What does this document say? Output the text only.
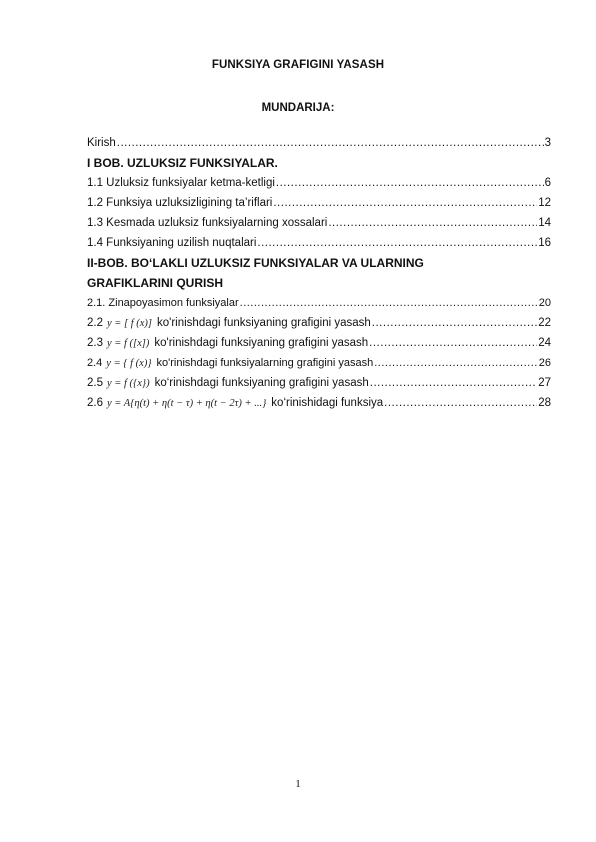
FUNKSIYA GRAFIGINI YASASH
MUNDARIJA:
Kirish .....	3
I BOB. UZLUKSIZ FUNKSIYALAR.
1.1 Uzluksiz funksiyalar ketma-ketligi .....	6
1.2 Funksiya uzluksizligining ta’riflari .....	12
1.3 Kesmada uzluksiz funksiyalarning xossalari .....	14
1.4 Funksiyaning uzilish nuqtalari .....	16
II-BOB. BO‘LAKLI UZLUKSIZ FUNKSIYALAR VA ULARNING
GRAFIKLARINI QURISH
2.1. Zinapoyasimon funksiyalar .....	20
2.2 y = [ f (x)] ko'rinishdagi funksiyaning grafigini yasash .....	22
2.3 y = f ([x]) ko'rinishdagi funksiyaning grafigini yasash .....	24
2.4 y = { f (x)} ko'rinishdagi funksiyalarning grafigini yasash .....	26
2.5 y = f ({x}) ko‘rinishdagi funksiyaning grafigini yasash .....	27
2.6 y = A{η(t) + η(t − τ) + η(t − 2τ) + ...} ko‘rinishidagi funksiya .....	28
1
